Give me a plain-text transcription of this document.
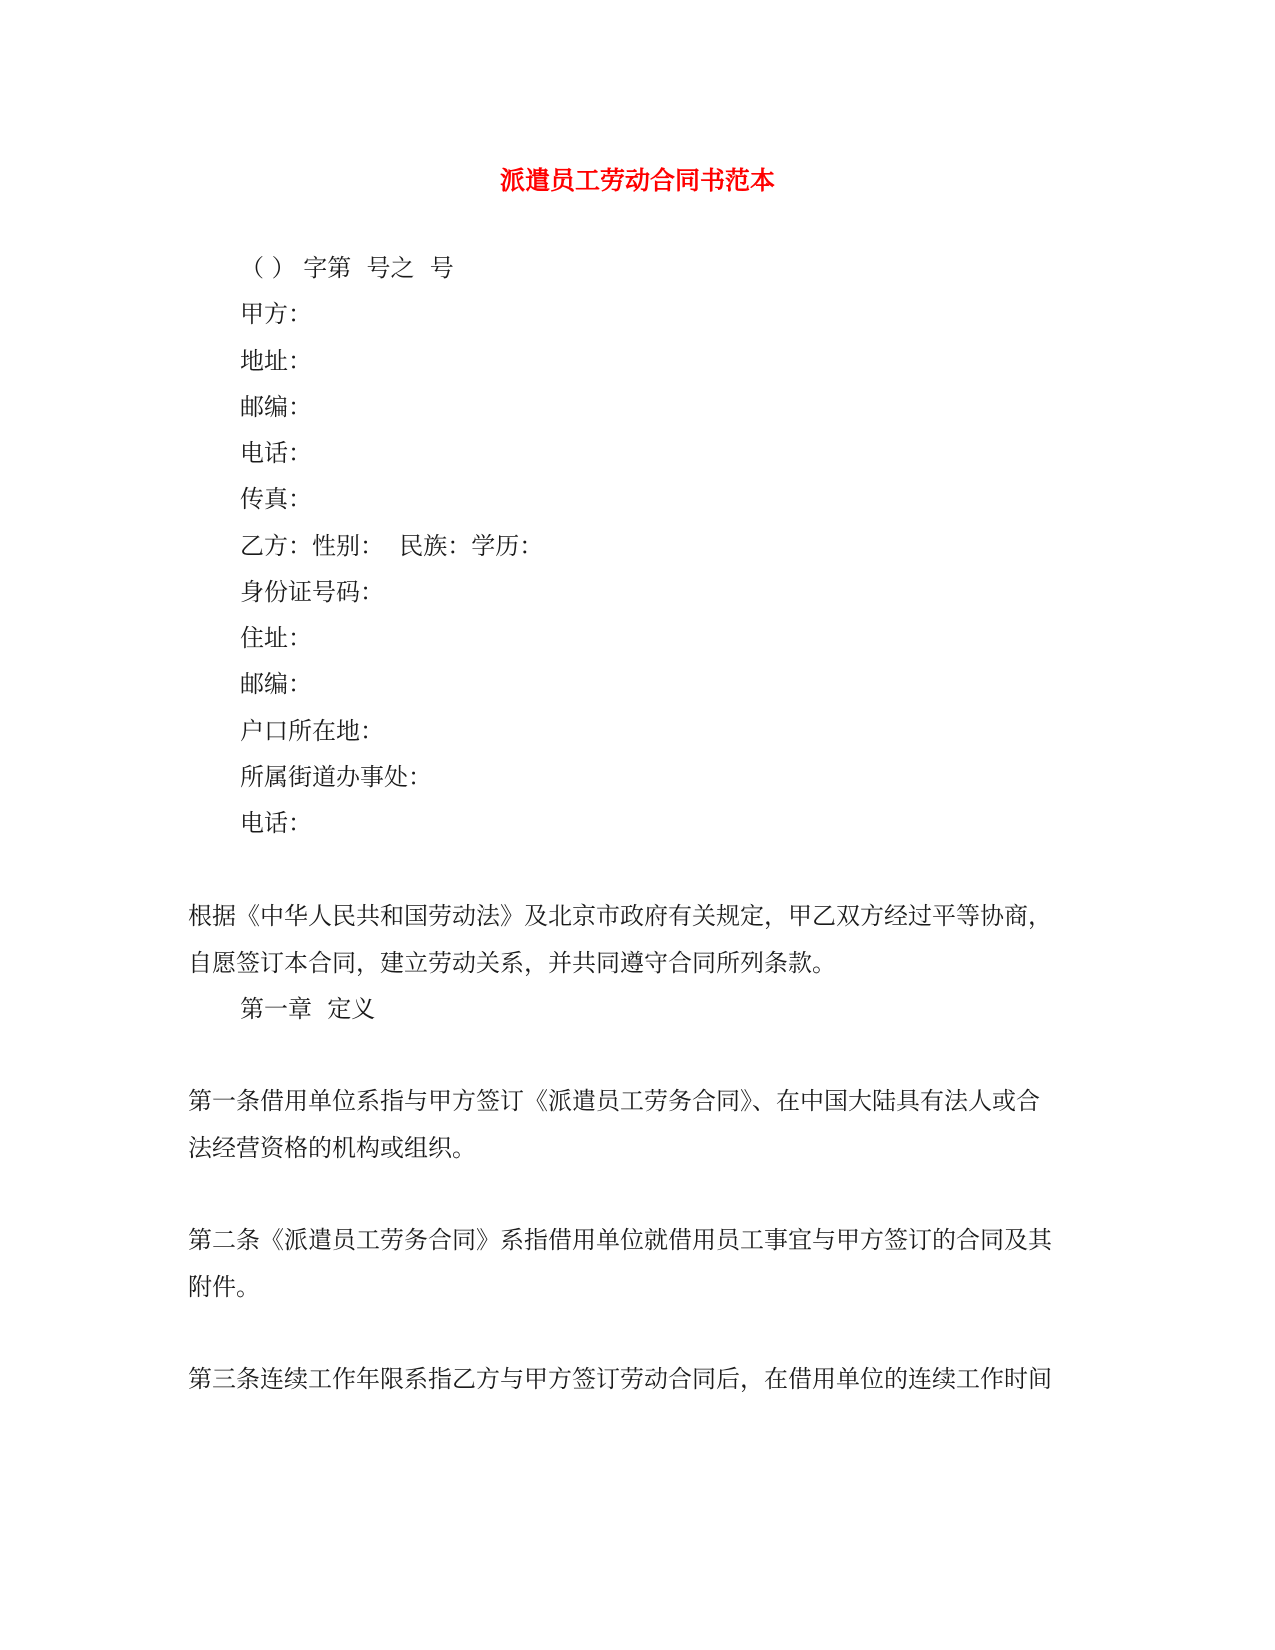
派遣员工劳动合同书范本
（ ） 字第  号之  号
甲方：
地址：
邮编：
电话：
传真：
乙方：性别：  民族：学历：
身份证号码：
住址：
邮编：
户口所在地：
所属街道办事处：
电话：
根据《中华人民共和国劳动法》及北京市政府有关规定，甲乙双方经过平等协商，
自愿签订本合同，建立劳动关系，并共同遵守合同所列条款。
第一章  定义
第一条借用单位系指与甲方签订《派遣员工劳务合同》、在中国大陆具有法人或合
法经营资格的机构或组织。
第二条《派遣员工劳务合同》系指借用单位就借用员工事宜与甲方签订的合同及其
附件。
第三条连续工作年限系指乙方与甲方签订劳动合同后，在借用单位的连续工作时间
